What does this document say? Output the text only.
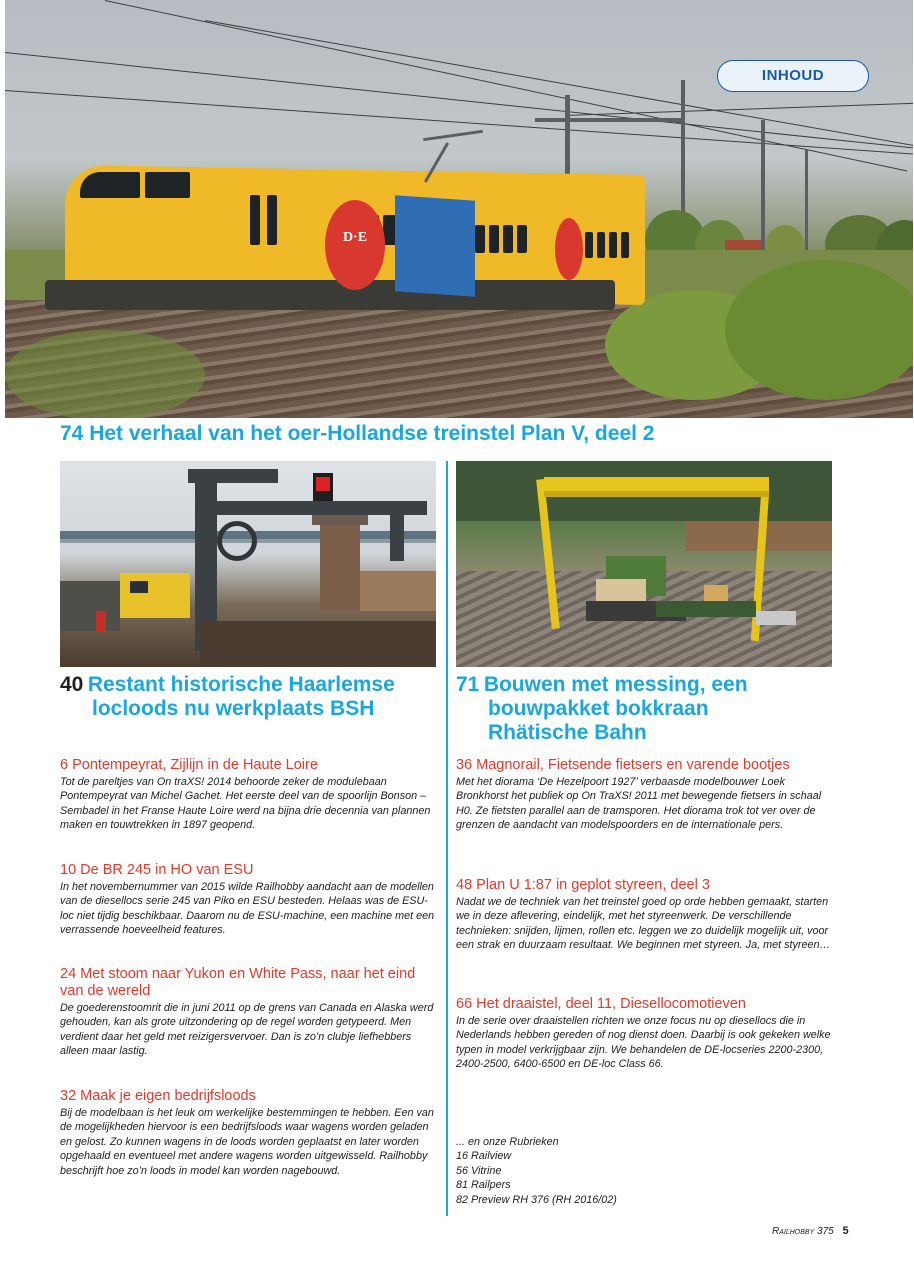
D·E
INHOUD
74 Het verhaal van het oer-Hollandse treinstel Plan V, deel 2
40 Restant historische Haarlemse
locloods nu werkplaats BSH
71 Bouwen met messing, een
bouwpakket bokkraan
Rhätische Bahn
6 Pontempeyrat, Zijlijn in de Haute Loire
Tot de pareltjes van On traXS! 2014 behoorde zeker de modulebaan Pontempeyrat van Michel Gachet. Het eerste deel van de spoorlijn Bonson – Sembadel in het Franse Haute Loire werd na bijna drie decennia van plannen maken en touwtrekken in 1897 geopend.
10 De BR 245 in HO van ESU
In het novembernummer van 2015 wilde Railhobby aandacht aan de modellen van de diesellocs serie 245 van Piko en ESU besteden. Helaas was de ESU-loc niet tijdig beschikbaar. Daarom nu de ESU-machine, een machine met een verrassende hoeveelheid features.
24 Met stoom naar Yukon en White Pass, naar het eind van de wereld
De goederenstoomrit die in juni 2011 op de grens van Canada en Alaska werd gehouden, kan als grote uitzondering op de regel worden getypeerd. Men verdient daar het geld met reizigersvervoer. Dan is zo’n clubje liefhebbers alleen maar lastig.
32 Maak je eigen bedrijfsloods
Bij de modelbaan is het leuk om werkelijke bestemmingen te hebben. Een van de mogelijkheden hiervoor is een bedrijfsloods waar wagens worden geladen en gelost. Zo kunnen wagens in de loods worden geplaatst en later worden opgehaald en eventueel met andere wagens worden uitgewisseld. Railhobby beschrijft hoe zo’n loods in model kan worden nagebouwd.
36 Magnorail, Fietsende fietsers en varende bootjes
Met het diorama ‘De Hezelpoort 1927’ verbaasde modelbouwer Loek Bronkhorst het publiek op On TraXS! 2011 met bewegende fietsers in schaal H0. Ze fietsten parallel aan de tramsporen. Het diorama trok tot ver over de grenzen de aandacht van modelspoorders en de internationale pers.
48 Plan U 1:87 in geplot styreen, deel 3
Nadat we de techniek van het treinstel goed op orde hebben gemaakt, starten we in deze aflevering, eindelijk, met het styreenwerk. De verschillende technieken: snijden, lijmen, rollen etc. leggen we zo duidelijk mogelijk uit, voor een strak en duurzaam resultaat. We beginnen met styreen. Ja, met styreen…
66 Het draaistel, deel 11, Diesellocomotieven
In de serie over draaistellen richten we onze focus nu op diesellocs die in Nederlands hebben gereden of nog dienst doen. Daarbij is ook gekeken welke typen in model verkrijgbaar zijn. We behandelen de DE-locseries 2200-2300, 2400-2500, 6400-6500 en DE-loc Class 66.
... en onze Rubrieken
16 Railview
56 Vitrine
81 Railpers
82 Preview RH 376 (RH 2016/02)
Railhobby 375 5
